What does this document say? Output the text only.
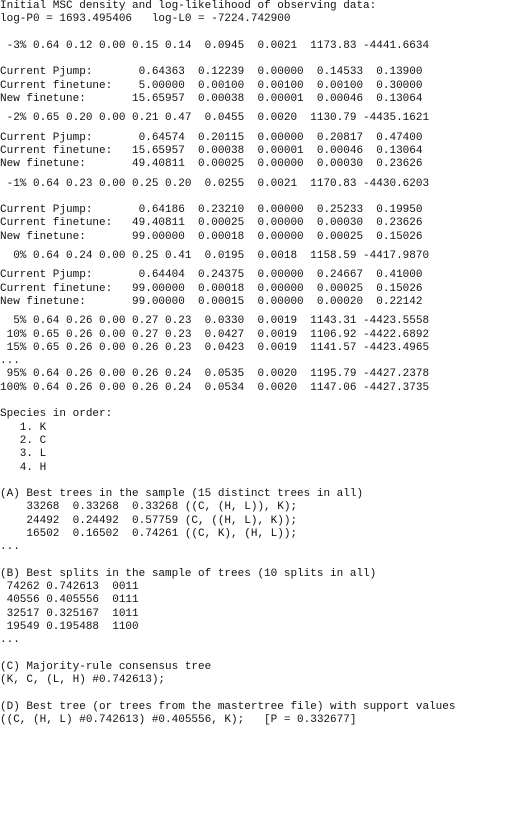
Initial MSC density and log-likelihood of observing data:
log-P0 = 1693.495406   log-L0 = -7224.742900
-3% 0.64 0.12 0.00 0.15 0.14  0.0945  0.0021  1173.83 -4441.6634
Current Pjump:       0.64363  0.12239  0.00000  0.14533  0.13900
Current finetune:    5.00000  0.00100  0.00100  0.00100  0.30000
New finetune:       15.65957  0.00038  0.00001  0.00046  0.13064
-2% 0.65 0.20 0.00 0.21 0.47  0.0455  0.0020  1130.79 -4435.1621
Current Pjump:       0.64574  0.20115  0.00000  0.20817  0.47400
Current finetune:   15.65957  0.00038  0.00001  0.00046  0.13064
New finetune:       49.40811  0.00025  0.00000  0.00030  0.23626
-1% 0.64 0.23 0.00 0.25 0.20  0.0255  0.0021  1170.83 -4430.6203
Current Pjump:       0.64186  0.23210  0.00000  0.25233  0.19950
Current finetune:   49.40811  0.00025  0.00000  0.00030  0.23626
New finetune:       99.00000  0.00018  0.00000  0.00025  0.15026
0% 0.64 0.24 0.00 0.25 0.41  0.0195  0.0018  1158.59 -4417.9870
Current Pjump:       0.64404  0.24375  0.00000  0.24667  0.41000
Current finetune:   99.00000  0.00018  0.00000  0.00025  0.15026
New finetune:       99.00000  0.00015  0.00000  0.00020  0.22142
5% 0.64 0.26 0.00 0.27 0.23  0.0330  0.0019  1143.31 -4423.5558
10% 0.65 0.26 0.00 0.27 0.23  0.0427  0.0019  1106.92 -4422.6892
15% 0.65 0.26 0.00 0.26 0.23  0.0423  0.0019  1141.57 -4423.4965
...
95% 0.64 0.26 0.00 0.26 0.24  0.0535  0.0020  1195.79 -4427.2378
100% 0.64 0.26 0.00 0.26 0.24  0.0534  0.0020  1147.06 -4427.3735
Species in order:
1. K
2. C
3. L
4. H
(A) Best trees in the sample (15 distinct trees in all)
33268  0.33268  0.33268 ((C, (H, L)), K);
24492  0.24492  0.57759 (C, ((H, L), K));
16502  0.16502  0.74261 ((C, K), (H, L));
...
(B) Best splits in the sample of trees (10 splits in all)
74262 0.742613  0011
40556 0.405556  0111
32517 0.325167  1011
19549 0.195488  1100
...
(C) Majority-rule consensus tree
(K, C, (L, H) #0.742613);
(D) Best tree (or trees from the mastertree file) with support values
((C, (H, L) #0.742613) #0.405556, K);   [P = 0.332677]
